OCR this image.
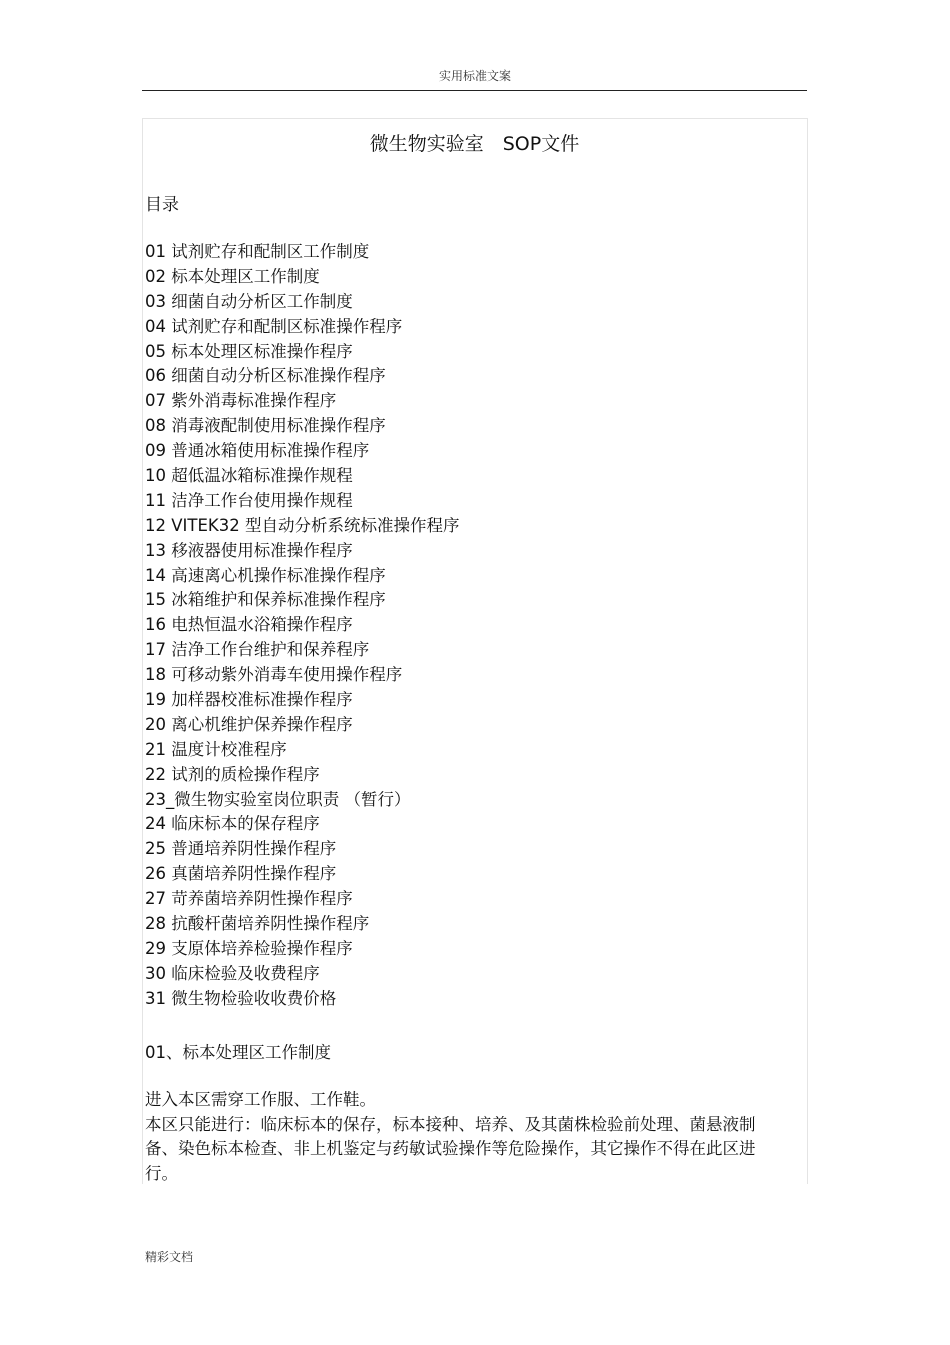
实用标准文案
微生物实验室　SOP文件
目录
01 试剂贮存和配制区工作制度
02 标本处理区工作制度
03 细菌自动分析区工作制度
04 试剂贮存和配制区标准操作程序
05 标本处理区标准操作程序
06 细菌自动分析区标准操作程序
07 紫外消毒标准操作程序
08 消毒液配制使用标准操作程序
09 普通冰箱使用标准操作程序
10 超低温冰箱标准操作规程
11 洁净工作台使用操作规程
12 VITEK32 型自动分析系统标准操作程序
13 移液器使用标准操作程序
14 高速离心机操作标准操作程序
15 冰箱维护和保养标准操作程序
16 电热恒温水浴箱操作程序
17 洁净工作台维护和保养程序
18 可移动紫外消毒车使用操作程序
19 加样器校准标准操作程序
20 离心机维护保养操作程序
21 温度计校准程序
22 试剂的质检操作程序
23_微生物实验室岗位职责 （暂行）
24 临床标本的保存程序
25 普通培养阴性操作程序
26 真菌培养阴性操作程序
27 苛养菌培养阴性操作程序
28 抗酸杆菌培养阴性操作程序
29 支原体培养检验操作程序
30 临床检验及收费程序
31 微生物检验收收费价格
01、标本处理区工作制度

进入本区需穿工作服、工作鞋。

本区只能进行：临床标本的保存，标本接种、培养、及其菌株检验前处理、菌悬液制备、染色标本检查、非上机鉴定与药敏试验操作等危险操作，其它操作不得在此区进行。

精彩文档
